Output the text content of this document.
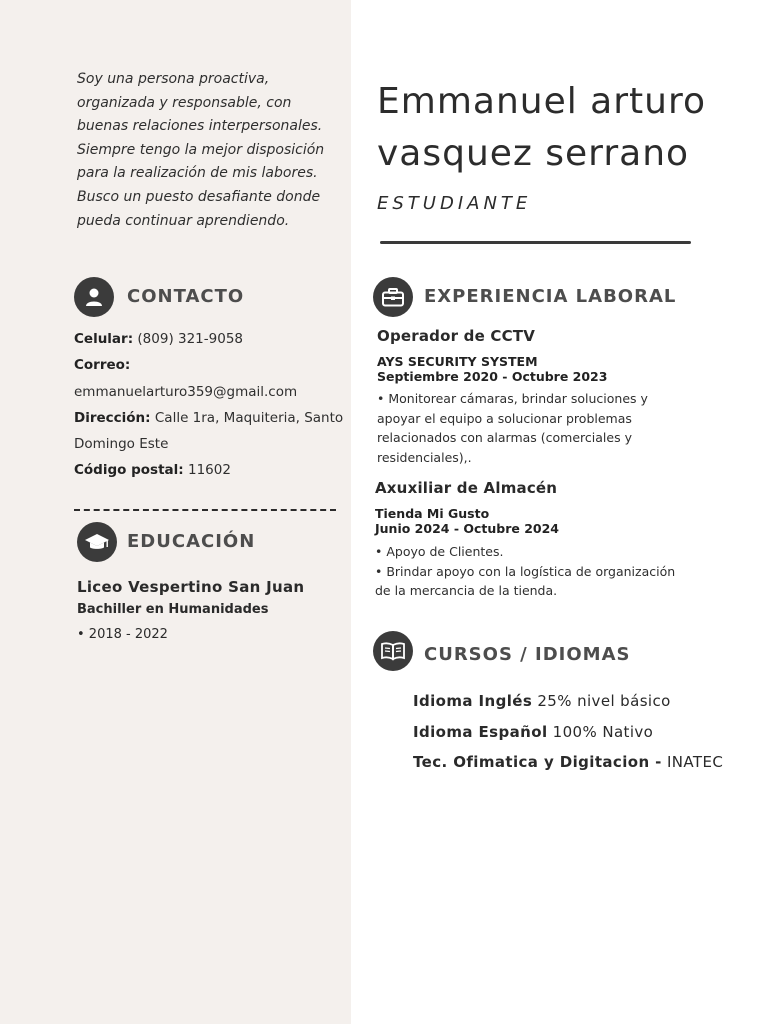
Soy una persona proactiva,
organizada y responsable, con
buenas relaciones interpersonales.
Siempre tengo la mejor disposición
para la realización de mis labores.
Busco un puesto desafiante donde
pueda continuar aprendiendo.
Emmanuel arturo
vasquez serrano
ESTUDIANTE
CONTACTO
Celular: (809) 321-9058
Correo:
emmanuelarturo359@gmail.com
Dirección: Calle 1ra, Maquiteria, Santo
Domingo Este
Código postal: 11602
EDUCACIÓN
Liceo Vespertino San Juan
Bachiller en Humanidades
• 2018 - 2022
EXPERIENCIA LABORAL
Operador de CCTV
AYS SECURITY SYSTEM
Septiembre 2020 - Octubre 2023
• Monitorear cámaras, brindar soluciones y
apoyar el equipo a solucionar problemas
relacionados con alarmas (comerciales y
residenciales),.
Axuxiliar de Almacén
Tienda Mi Gusto
Junio 2024 - Octubre 2024
• Apoyo de Clientes.
• Brindar apoyo con la logística de organización
de la mercancia de la tienda.
CURSOS / IDIOMAS
Idioma Inglés 25% nivel básico
Idioma Español 100% Nativo
Tec. Ofimatica y Digitacion - INATEC
